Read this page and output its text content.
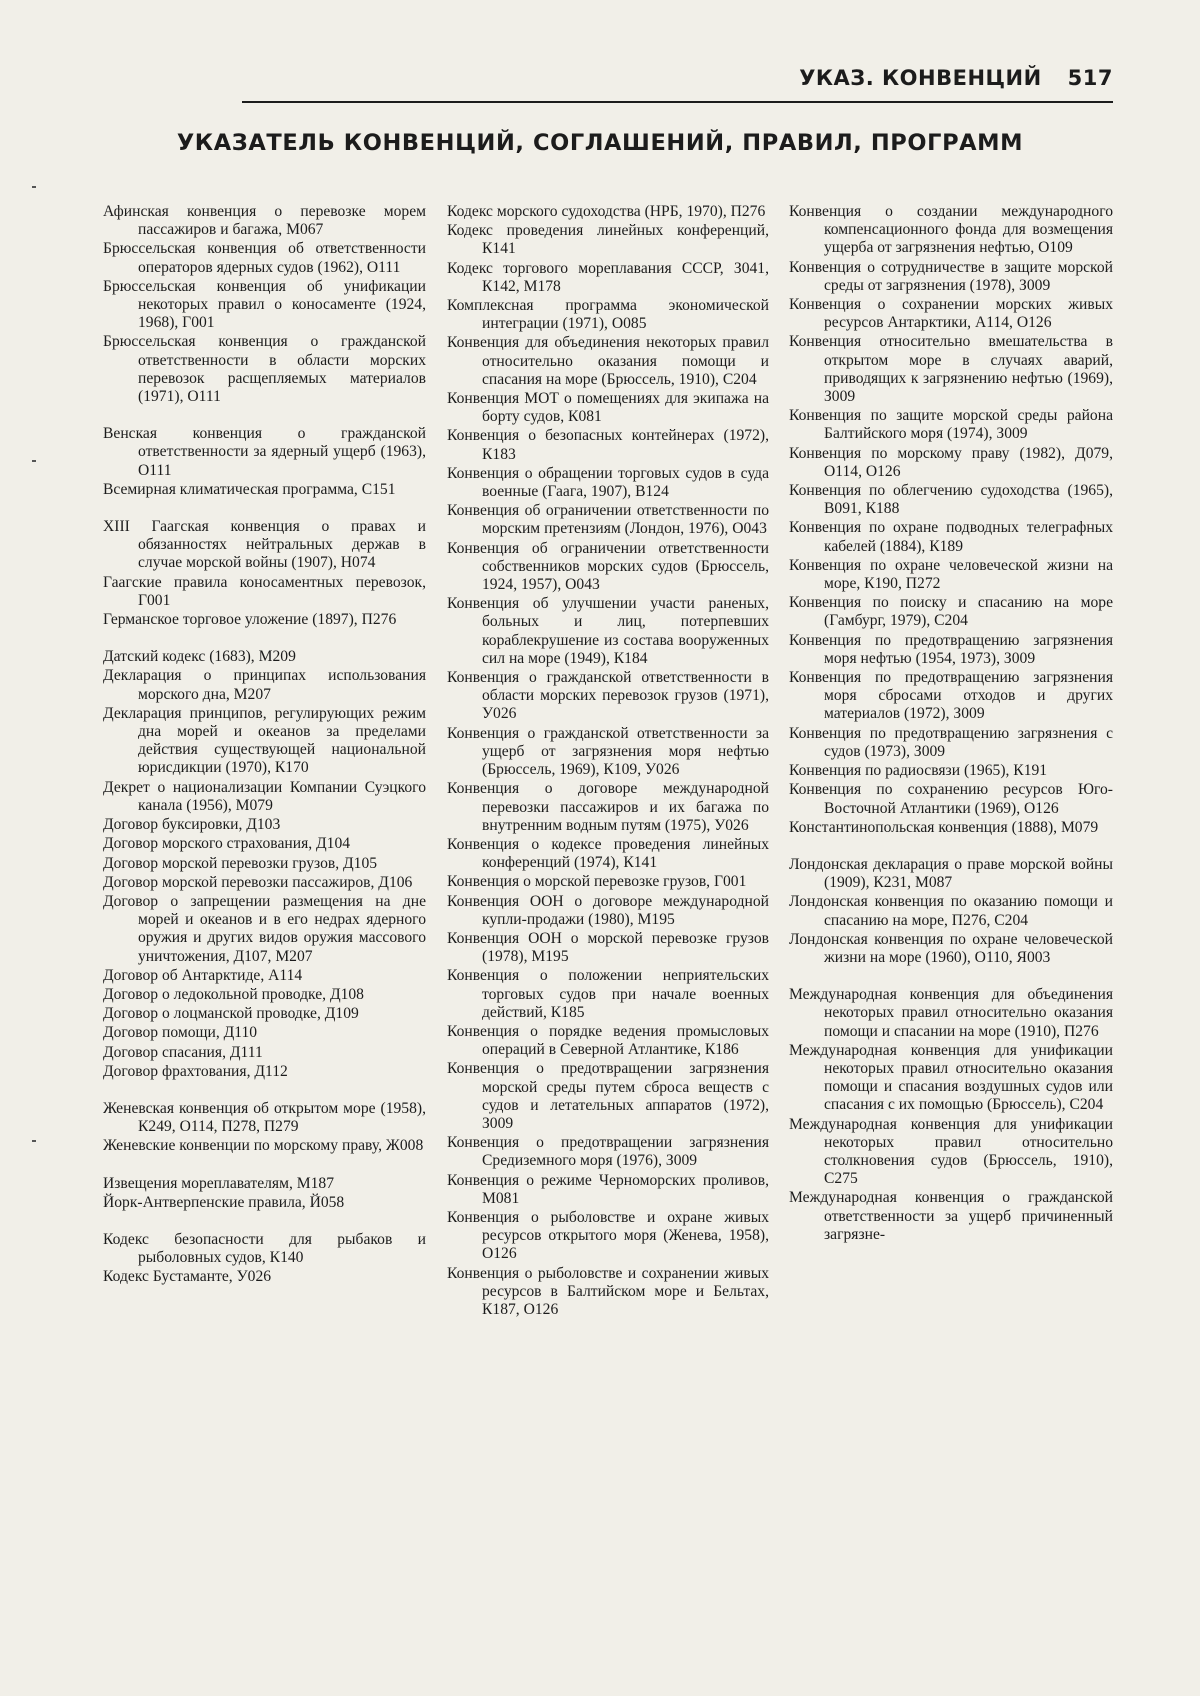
УКАЗ. КОНВЕНЦИЙ 517
УКАЗАТЕЛЬ КОНВЕНЦИЙ, СОГЛАШЕНИЙ, ПРАВИЛ, ПРОГРАММ
Афинская конвенция о перевозке морем пассажиров и багажа, М067
Брюссельская конвенция об ответственности операторов ядерных судов (1962), О111
Брюссельская конвенция об унификации некоторых правил о коносаменте (1924, 1968), Г001
Брюссельская конвенция о гражданской ответственности в области морских перевозок расщепляемых материалов (1971), О111
Венская конвенция о гражданской ответственности за ядерный ущерб (1963), О111
Всемирная климатическая программа, С151
XIII Гаагская конвенция о правах и обязанностях нейтральных держав в случае морской войны (1907), Н074
Гаагские правила коносаментных перевозок, Г001
Германское торговое уложение (1897), П276
Датский кодекс (1683), М209
Декларация о принципах использования морского дна, М207
Декларация принципов, регулирующих режим дна морей и океанов за пределами действия существующей национальной юрисдикции (1970), К170
Декрет о национализации Компании Суэцкого канала (1956), М079
Договор буксировки, Д103
Договор морского страхования, Д104
Договор морской перевозки грузов, Д105
Договор морской перевозки пассажиров, Д106
Договор о запрещении размещения на дне морей и океанов и в его недрах ядерного оружия и других видов оружия массового уничтожения, Д107, М207
Договор об Антарктиде, А114
Договор о ледокольной проводке, Д108
Договор о лоцманской проводке, Д109
Договор помощи, Д110
Договор спасания, Д111
Договор фрахтования, Д112
Женевская конвенция об открытом море (1958), К249, О114, П278, П279
Женевские конвенции по морскому праву, Ж008
Извещения мореплавателям, М187
Йорк-Антверпенские правила, Й058
Кодекс безопасности для рыбаков и рыболовных судов, К140
Кодекс Бустаманте, У026
Кодекс морского судоходства (НРБ, 1970), П276
Кодекс проведения линейных конференций, К141
Кодекс торгового мореплавания СССР, З041, К142, М178
Комплексная программа экономической интеграции (1971), О085
Конвенция для объединения некоторых правил относительно оказания помощи и спасания на море (Брюссель, 1910), С204
Конвенция МОТ о помещениях для экипажа на борту судов, К081
Конвенция о безопасных контейнерах (1972), К183
Конвенция о обращении торговых судов в суда военные (Гаага, 1907), В124
Конвенция об ограничении ответственности по морским претензиям (Лондон, 1976), О043
Конвенция об ограничении ответственности собственников морских судов (Брюссель, 1924, 1957), О043
Конвенция об улучшении участи раненых, больных и лиц, потерпевших кораблекрушение из состава вооруженных сил на море (1949), К184
Конвенция о гражданской ответственности в области морских перевозок грузов (1971), У026
Конвенция о гражданской ответственности за ущерб от загрязнения моря нефтью (Брюссель, 1969), К109, У026
Конвенция о договоре международной перевозки пассажиров и их багажа по внутренним водным путям (1975), У026
Конвенция о кодексе проведения линейных конференций (1974), К141
Конвенция о морской перевозке грузов, Г001
Конвенция ООН о договоре международной купли-продажи (1980), М195
Конвенция ООН о морской перевозке грузов (1978), М195
Конвенция о положении неприятельских торговых судов при начале военных действий, К185
Конвенция о порядке ведения промысловых операций в Северной Атлантике, К186
Конвенция о предотвращении загрязнения морской среды путем сброса веществ с судов и летательных аппаратов (1972), З009
Конвенция о предотвращении загрязнения Средиземного моря (1976), З009
Конвенция о режиме Черноморских проливов, М081
Конвенция о рыболовстве и охране живых ресурсов открытого моря (Женева, 1958), О126
Конвенция о рыболовстве и сохранении живых ресурсов в Балтийском море и Бельтах, К187, О126
Конвенция о создании международного компенсационного фонда для возмещения ущерба от загрязнения нефтью, О109
Конвенция о сотрудничестве в защите морской среды от загрязнения (1978), З009
Конвенция о сохранении морских живых ресурсов Антарктики, А114, О126
Конвенция относительно вмешательства в открытом море в случаях аварий, приводящих к загрязнению нефтью (1969), З009
Конвенция по защите морской среды района Балтийского моря (1974), З009
Конвенция по морскому праву (1982), Д079, О114, О126
Конвенция по облегчению судоходства (1965), В091, К188
Конвенция по охране подводных телеграфных кабелей (1884), К189
Конвенция по охране человеческой жизни на море, К190, П272
Конвенция по поиску и спасанию на море (Гамбург, 1979), С204
Конвенция по предотвращению загрязнения моря нефтью (1954, 1973), З009
Конвенция по предотвращению загрязнения моря сбросами отходов и других материалов (1972), З009
Конвенция по предотвращению загрязнения с судов (1973), З009
Конвенция по радиосвязи (1965), К191
Конвенция по сохранению ресурсов Юго-Восточной Атлантики (1969), О126
Константинопольская конвенция (1888), М079
Лондонская декларация о праве морской войны (1909), К231, М087
Лондонская конвенция по оказанию помощи и спасанию на море, П276, С204
Лондонская конвенция по охране человеческой жизни на море (1960), О110, Я003
Международная конвенция для объединения некоторых правил относительно оказания помощи и спасании на море (1910), П276
Международная конвенция для унификации некоторых правил относительно оказания помощи и спасания воздушных судов или спасания с их помощью (Брюссель), С204
Международная конвенция для унификации некоторых правил относительно столкновения судов (Брюссель, 1910), С275
Международная конвенция о гражданской ответственности за ущерб причиненный загрязне-
